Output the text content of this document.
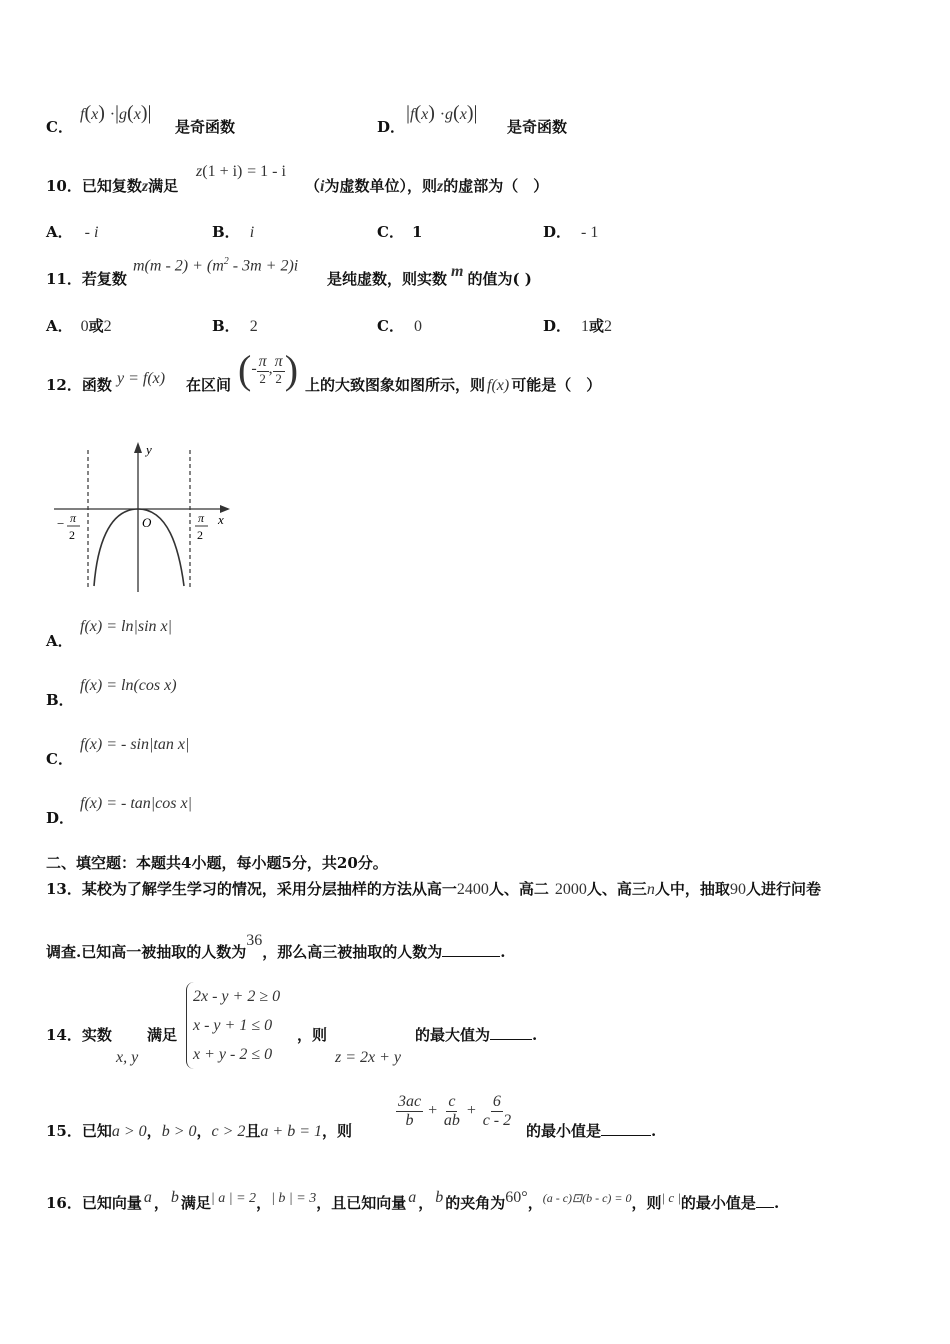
C．
f(x) ·|g(x)|
是奇函数	D．
|f(x) ·g(x)|
是奇函数
10．已知复数z满足
z(1 + i) = 1 - i
（i为虚数单位），则z的虚部为（　）
A． - i	B． i	C． 1	D． - 1
11．若复数
$m(m - 2) + (m^2 - 3m + 2)i$
是纯虚数，则实数 m 的值为( )
A． 0或2	B． 2	C． 0	D． 1或2
12．函数 y = f(x) 在区间 (- $\frac{\pi}{2}$ , $\frac{\pi}{2}$ ) 上的大致图象如图所示，则 f(x) 可能是（　）
y
x
O
− π
2
π
2
A．
f(x) = ln|sin x|
B．
f(x) = ln(cos x)
C．
f(x) = - sin|tan x|
D．
f(x) = - tan|cos x|
二、填空题：本题共4小题，每小题5分，共20分。
13．某校为了解学生学习的情况，采用分层抽样的方法从高一2400人、高二 2000人、高三n人中，抽取90人进行问卷
调查.已知高一被抽取的人数为36，那么高三被抽取的人数为	.
14．实数
x, y
满足
2x - y + 2 ≥ 0
x - y + 1 ≤ 0
x + y - 2 ≤ 0
，则
z = 2x + y
的最大值为	.
15．已知a > 0，b > 0，c > 2且a + b = 1，则
$\frac{3ac}{b} + \frac{c}{ab} + \frac{6}{c - 2}$
的最小值是	.
16．已知向量 a ， b 满足| a | = 2，| b | = 3，且已知向量 a ， b 的夹角为60°，$^{(a - c)⊡(b - c) = 0}$，则| c |的最小值是 .
